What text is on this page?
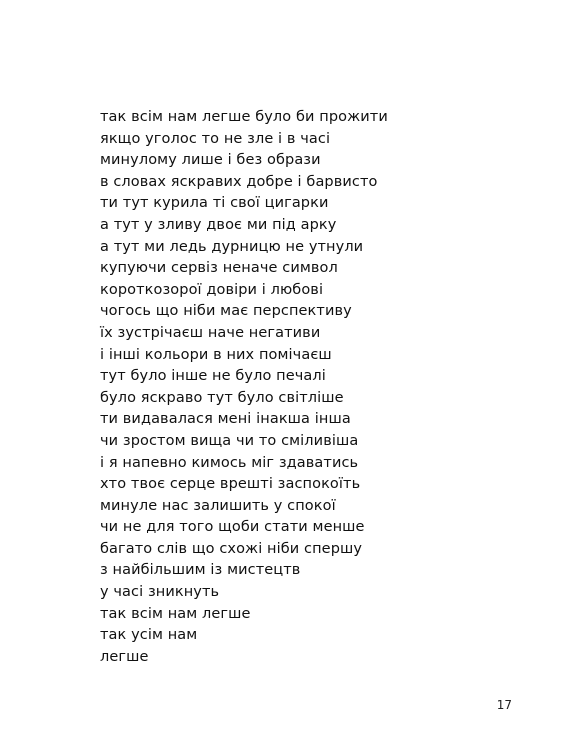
так всім нам легше було би прожити
якщо уголос то не зле і в часі
минулому лише і без образи
в словах яскравих добре і барвисто
ти тут курила ті свої цигарки
а тут у зливу двоє ми під арку
а тут ми ледь дурницю не утнули
купуючи сервіз неначе символ
короткозорої довіри і любові
чогось що ніби має перспективу
їх зустрічаєш наче негативи
і інші кольори в них помічаєш
тут було інше не було печалі
було яскраво тут було світліше
ти видавалася мені інакша інша
чи зростом вища чи то сміливіша
і я напевно кимось міг здаватись
хто твоє серце врешті заспокоїть
минуле нас залишить у спокої
чи не для того щоби стати менше
багато слів що схожі ніби спершу
з найбільшим із мистецтв
у часі зникнуть
так всім нам легше
так усім нам
легше
17
